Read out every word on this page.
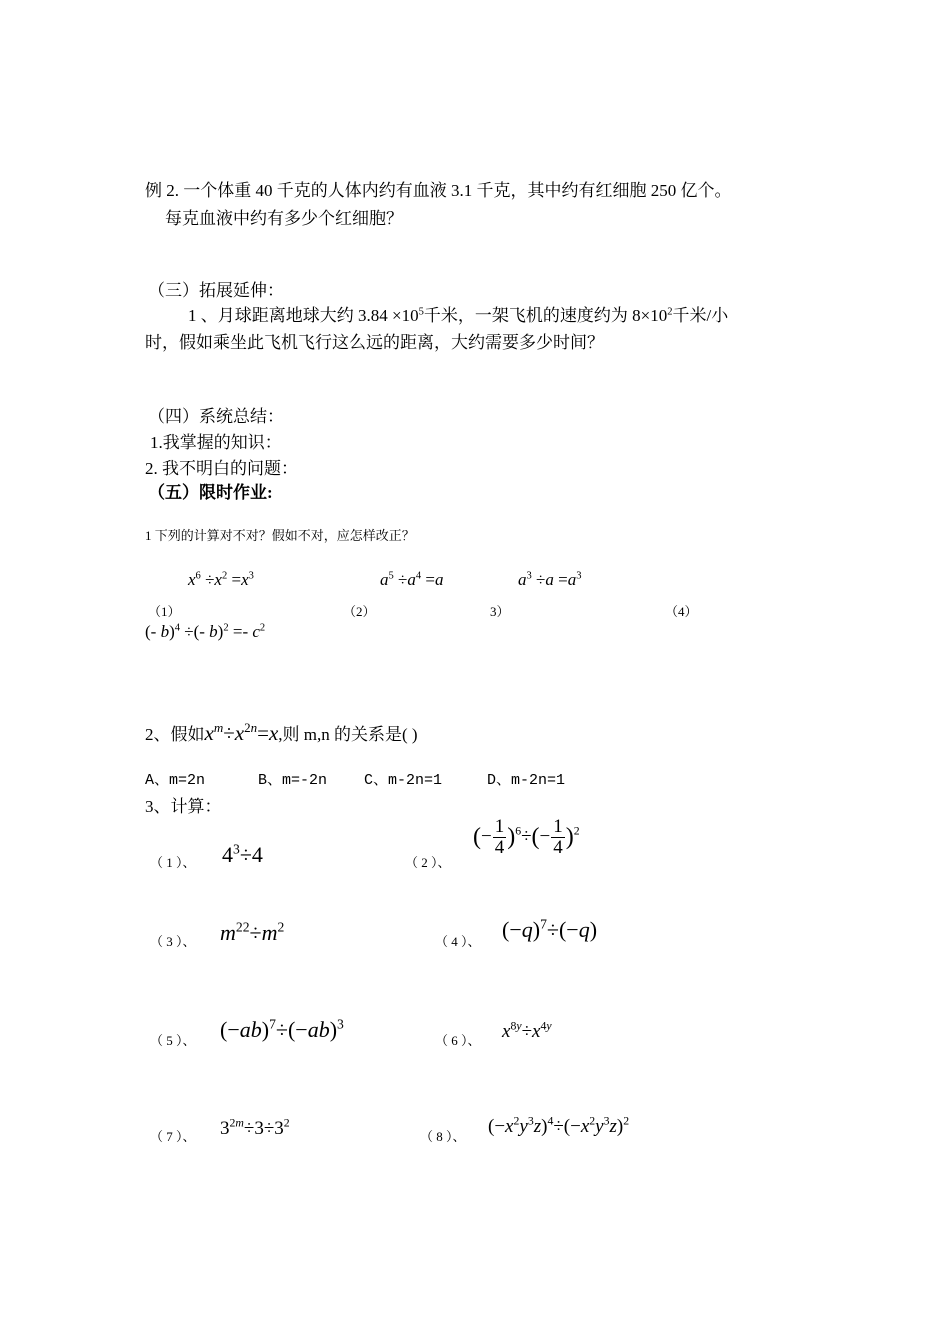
例 2. 一个体重 40 千克的人体内约有血液 3.1 千克，其中约有红细胞 250 亿个。
每克血液中约有多少个红细胞？
（三）拓展延伸：
1 、月球距离地球大约 $3.84 \times 10^5$千米，一架飞机的速度约为 $8\times 10^2$千米/小
时，假如乘坐此飞机飞行这么远的距离，大约需要多少时间？
（四）系统总结：
1.我掌握的知识：
2. 我不明白的问题：
（五）限时作业:
1 下列的计算对不对？假如不对，应怎样改正？
$x^6 \div x^2 =x^3$	$a^5 \div a^4 =a$	$a^3 \div a =a^3$
（1）	（2）	3）	（4）
(- b)$^4$ ÷(- $b)^2 =- c^2$
2、假如$x^m\div x^{2n}=x$,则 m,n 的关系是( )
A、m=2n	B、m=-2n C、m-2n=1	D、m-2n=1
3、计算：
（ 1 ）、 $4^3\div 4$	（ 2 ）、
(− $\frac{1}{4} )^6\div(- \frac{1}{4} )^2$
（ 3 ）、 $m^{22}\div m^2$
（ 4 ）、 $(-q)^7\div(-q)$
（ 5 ）、 $(-ab)^7\div(-ab)^3$
（ 6 ）、 $x^{8y}\div x^{4y}$
（ 7 ）、 $3^{2m}\div 3\div 3^2$
（ 8 ）、 $(-x^2y^3z)^4\div(-x^2y^3z)^2$
